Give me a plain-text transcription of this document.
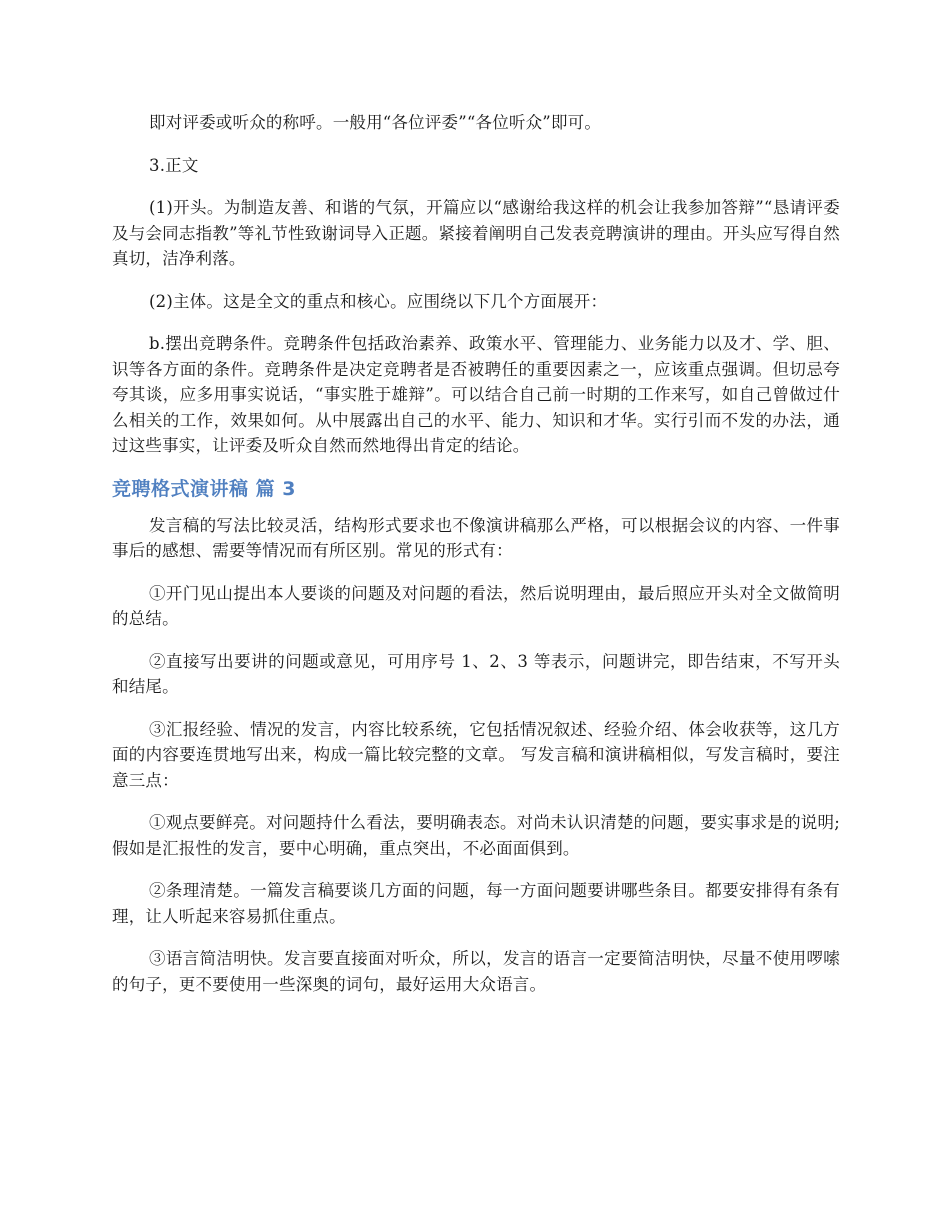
即对评委或听众的称呼。一般用“各位评委”“各位听众”即可。

3.正文

(1)开头。为制造友善、和谐的气氛，开篇应以“感谢给我这样的机会让我参加答辩”“恳请评委及与会同志指教”等礼节性致谢词导入正题。紧接着阐明自己发表竞聘演讲的理由。开头应写得自然真切，洁净利落。

(2)主体。这是全文的重点和核心。应围绕以下几个方面展开：

b.摆出竞聘条件。竞聘条件包括政治素养、政策水平、管理能力、业务能力以及才、学、胆、识等各方面的条件。竞聘条件是决定竞聘者是否被聘任的重要因素之一，应该重点强调。但切忌夸夸其谈，应多用事实说话，“事实胜于雄辩”。可以结合自己前一时期的工作来写，如自己曾做过什么相关的工作，效果如何。从中展露出自己的水平、能力、知识和才华。实行引而不发的办法，通过这些事实，让评委及听众自然而然地得出肯定的结论。

竞聘格式演讲稿 篇 3

发言稿的写法比较灵活，结构形式要求也不像演讲稿那么严格，可以根据会议的内容、一件事事后的感想、需要等情况而有所区别。常见的形式有：

①开门见山提出本人要谈的问题及对问题的看法，然后说明理由，最后照应开头对全文做简明的总结。

②直接写出要讲的问题或意见，可用序号 1、2、3 等表示，问题讲完，即告结束，不写开头和结尾。

③汇报经验、情况的发言，内容比较系统，它包括情况叙述、经验介绍、体会收获等，这几方面的内容要连贯地写出来，构成一篇比较完整的文章。 写发言稿和演讲稿相似，写发言稿时，要注意三点：

①观点要鲜亮。对问题持什么看法，要明确表态。对尚未认识清楚的问题，要实事求是的说明;假如是汇报性的发言，要中心明确，重点突出，不必面面俱到。

②条理清楚。一篇发言稿要谈几方面的问题，每一方面问题要讲哪些条目。都要安排得有条有理，让人听起来容易抓住重点。

③语言简洁明快。发言要直接面对听众，所以，发言的语言一定要简洁明快，尽量不使用啰嗦的句子，更不要使用一些深奥的词句，最好运用大众语言。
